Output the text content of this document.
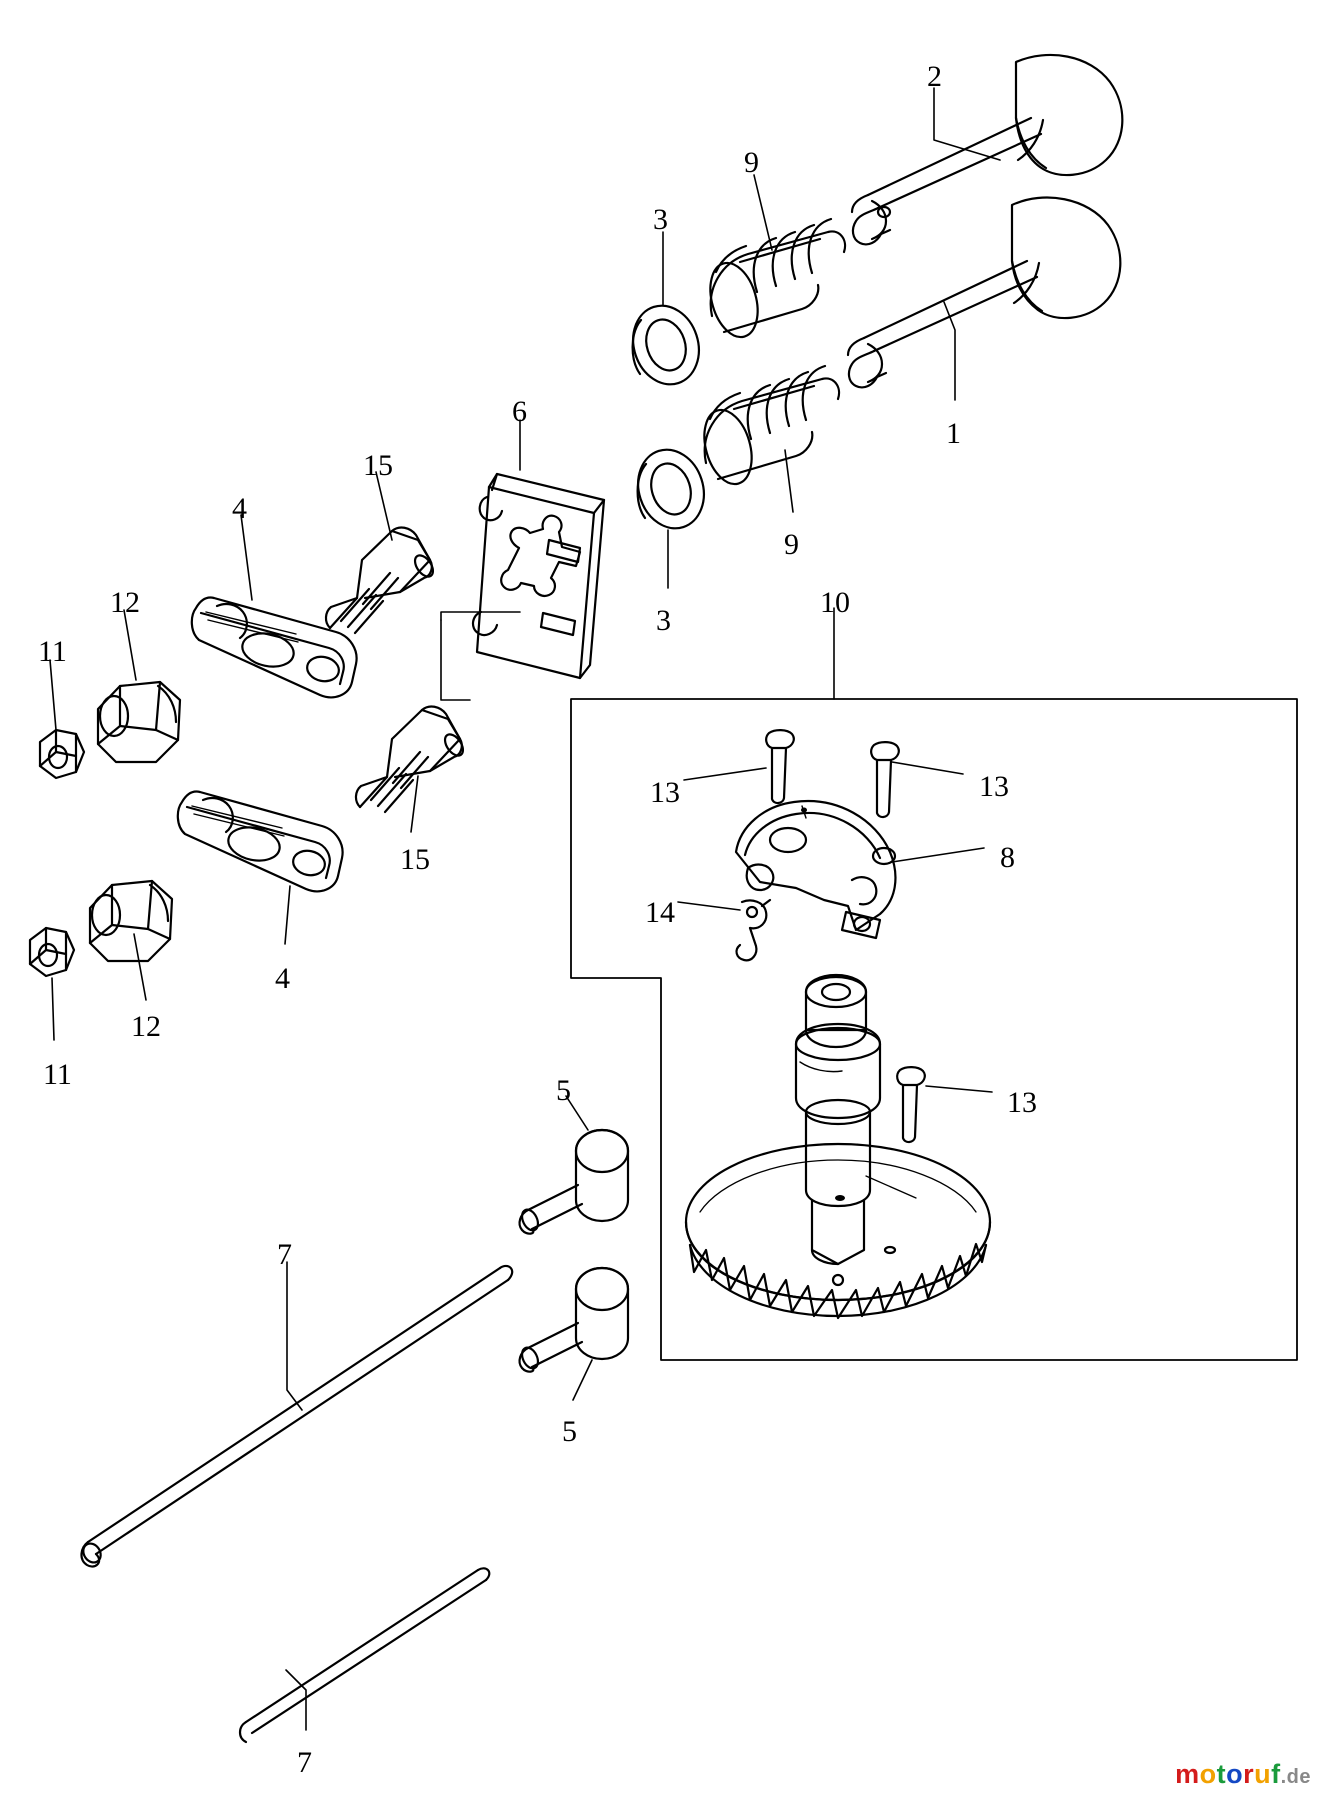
2
9
3
1
9
3
6
15
4
12
11
15
4
12
11
10
13	13
8
14
13
5
5
7
7	motoruf.de
